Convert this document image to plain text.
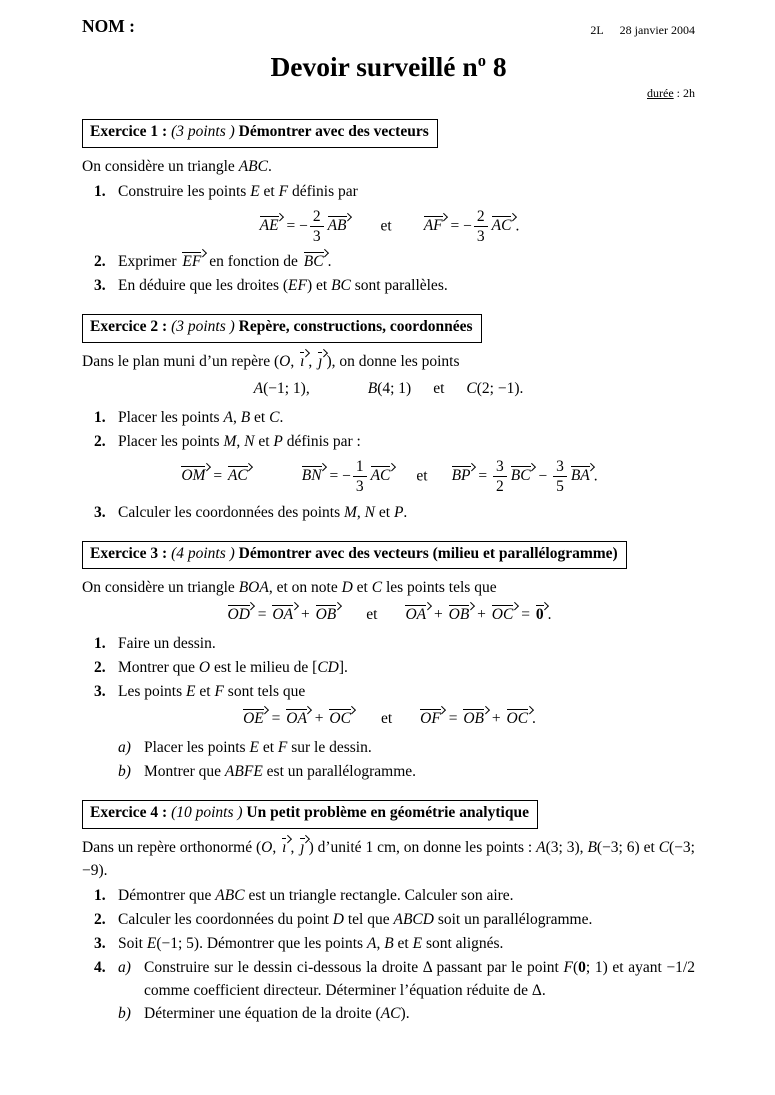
NOM :	2L 28 janvier 2004
Devoir surveillé $n^o$ 8
durée : 2h
Exercice 1 : (3 points ) Démontrer avec des vecteurs

On considère un triangle ABC.

1. Construire les points E et F définis par
AE = − $\frac{2}{3}$ AB et AF = − $\frac{2}{3}$ AC .
2. Exprimer EF en fonction de BC .
3. En déduire que les droites (EF) et BC sont parallèles.
Exercice 2 : (3 points ) Repère, constructions, coordonnées

Dans le plan muni d’un repère (O, ı , ȷ ), on donne les points

A(−1; 1),	B(4; 1) et C(2; −1).
1. Placer les points A, B et C.
2. Placer les points M, N et P définis par :
OM = AC	BN = − $\frac{1}{3}$ AC et BP = $\frac{3}{2}$ BC − $\frac{3}{5}$ BA .
3. Calculer les coordonnées des points M, N et P.
Exercice 3 : (4 points ) Démontrer avec des vecteurs (milieu et parallélogramme)

On considère un triangle BOA, et on note D et C les points tels que

OD = OA + OB et OA + OB + OC = 0 .
1. Faire un dessin.
2. Montrer que O est le milieu de [CD].
3. Les points E et F sont tels que
OE = OA + OC et OF = OB + OC .
a) Placer les points E et F sur le dessin.
b) Montrer que ABFE est un parallélogramme.
Exercice 4 : (10 points ) Un petit problème en géométrie analytique

Dans un repère orthonormé (O, ı , ȷ ) d’unité 1 cm, on donne les points : A(3; 3), B(−3; 6) et C(−3; −9).

1. Démontrer que ABC est un triangle rectangle. Calculer son aire.
2. Calculer les coordonnées du point D tel que ABCD soit un parallélogramme.
3. Soit E(−1; 5). Démontrer que les points A, B et E sont alignés.
4. a) Construire sur le dessin ci-dessous la droite Δ passant par le point F(0; 1) et ayant −1/2 comme coefficient directeur. Déterminer l’équation réduite de Δ.
b) Déterminer une équation de la droite (AC).
